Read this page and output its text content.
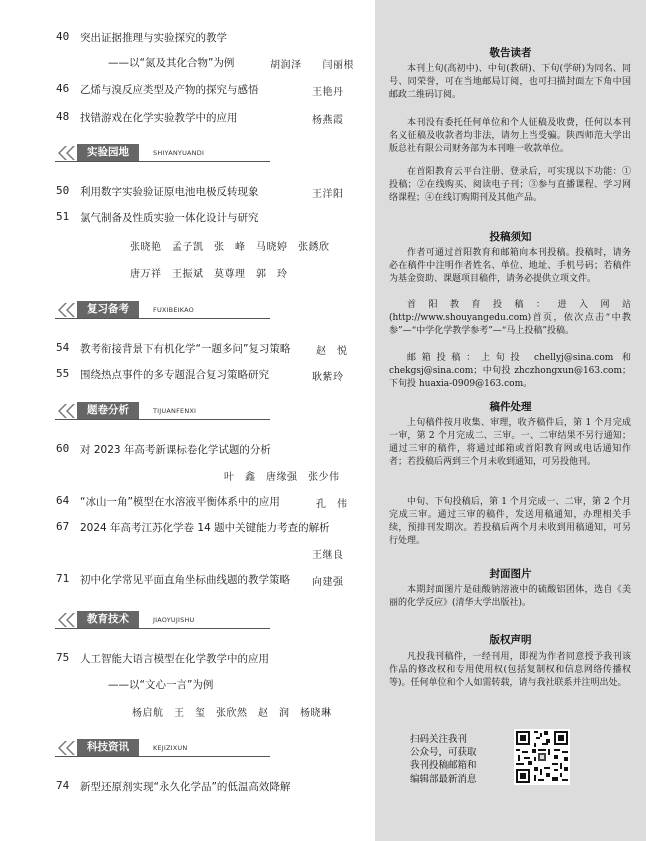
40 突出证据推理与实验探究的教学
——以“氮及其化合物”为例	胡润泽　　闫丽根
46 乙烯与溴反应类型及产物的探究与感悟	王艳丹
48 找错游戏在化学实验教学中的应用	杨燕霞
实验园地	SHIYANYUANDI
50 利用数字实验验证原电池电极反转现象	王洋阳
51 氯气制备及性质实验一体化设计与研究
张晓艳　孟子凯　张　峰　马晓婷　张銹欣
唐万祥　王振斌　莫尊理　郭　玲
复习备考	FUXIBEIKAO
54 教考衔接背景下有机化学“一题多问”复习策略	赵　悦
55 围绕热点事件的多专题混合复习策略研究	耿紫玲
题卷分析	TIJUANFENXI
60 对 2023 年高考新课标卷化学试题的分析
叶　鑫　唐缘强　张少伟
64 “冰山一角”模型在水溶液平衡体系中的应用	孔　伟
67 2024 年高考江苏化学卷 14 题中关键能力考查的解析
王继良
71 初中化学常见平面直角坐标曲线题的教学策略 向建强
教育技术	JIAOYUJISHU
75 人工智能大语言模型在化学教学中的应用
——以“文心一言”为例
杨启航　王　玺　张欣然　赵　润　杨晓琳
科技资讯	KEJIZIXUN
74 新型还原剂实现“永久化学品”的低温高效降解
敬告读者

本刊上旬(高初中)、中旬(教研)、下旬(学研)为同名、同号、同荣誉，可在当地邮局订阅，也可扫描封面左下角中国邮政二维码订阅。

本刊没有委托任何单位和个人征稿及收费，任何以本刊名义征稿及收款者均非法，请勿上当受骗。陕西师范大学出版总社有限公司财务部为本刊唯一收款单位。

在首阳教育云平台注册、登录后，可实现以下功能：①投稿；②在线购买、阅读电子刊；③参与直播课程、学习网络课程；④在线订购期刊及其他产品。

投稿须知

作者可通过首阳教育和邮箱向本刊投稿。投稿时，请务必在稿件中注明作者姓名、单位、地址、手机号码；若稿件为基金资助、课题项目稿件，请务必提供立项文件。

首阳教育投稿：进入网站(http://www.shouyangedu.com)首页，依次点击“中教参”—“中学化学教学参考”—“马上投稿”投稿。

邮箱投稿：上旬投 chellyj@sina.com 和 chekgsj@sina.com；中旬投 zhczhongxun@163.com；下旬投 huaxia-0909@163.com。

稿件处理

上旬稿件按月收集、审理，收齐稿件后，第 1 个月完成一审，第 2 个月完成二、三审。一、二审结果不另行通知；通过三审的稿件，将通过邮箱或首阳教育网或电话通知作者；若投稿后两到三个月未收到通知，可另投他刊。

中旬、下旬投稿后，第 1 个月完成一、二审，第 2 个月完成三审。通过三审的稿件，发送用稿通知，办理相关手续，预排刊发期次。若投稿后两个月未收到用稿通知，可另行处理。

封面图片

本期封面图片是硅酸钠溶液中的硫酸铝团体，选自《美丽的化学反应》(清华大学出版社)。

版权声明

凡投我刊稿件，一经刊用，即视为作者同意授予我刊该作品的修改权和专用使用权(包括复制权和信息网络传播权等)。任何单位和个人如需转载，请与我社联系并注明出处。

扫码关注我刊
公众号，可获取
我刊投稿邮箱和
编辑部最新消息
